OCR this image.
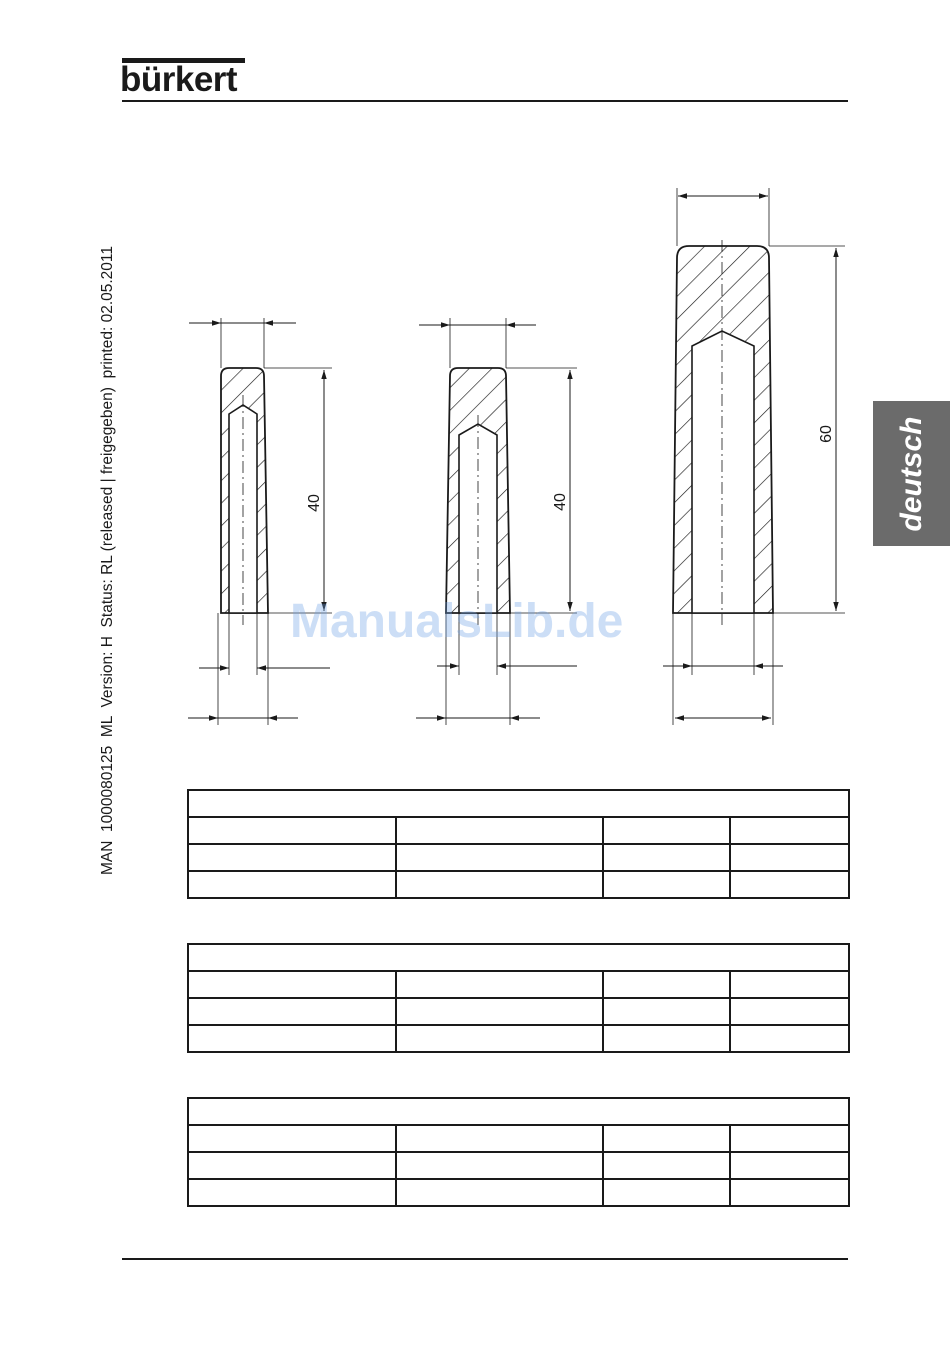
bürkert
MAN  1000080125  ML  Version: H  Status: RL (released | freigegeben)  printed: 02.05.2011	deutsch
40	40
60
ManualsLib.de
